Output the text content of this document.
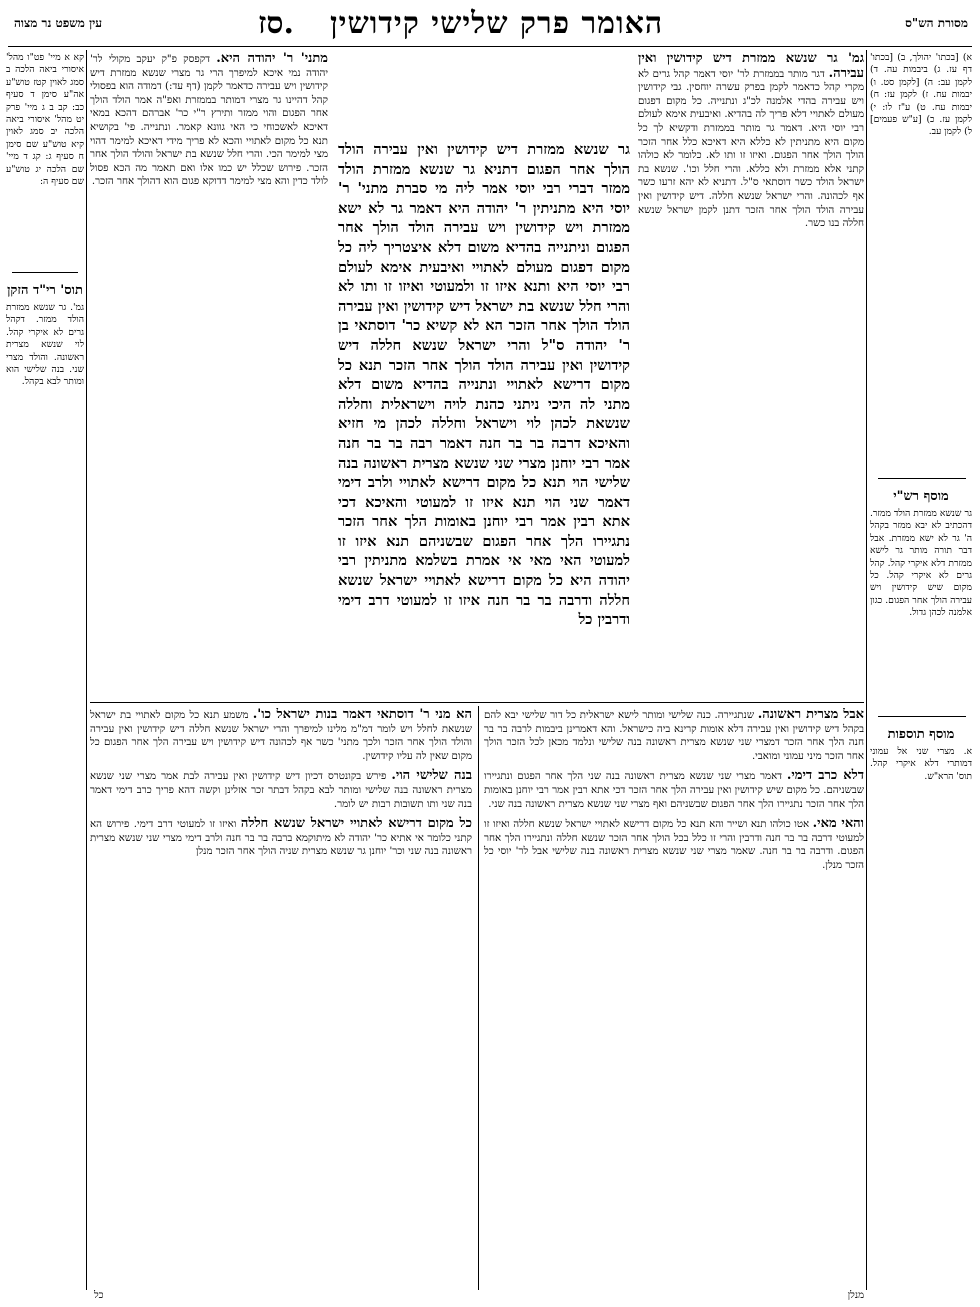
עין משפט נר מצוה	סז. האומר פרק שלישי קידושין	מסורת הש"ס

א) [בכתו' יהולך, ב) [בכתו' דף עז. ג) ביבמות עה. ד) לקמן עב: ה) [לקמן סט. ו) יבמות עח. ז) לקמן עז: ח) יבמות עח. ט) ע"ז לו: י) לקמן עז. כ) [ע"ש פעמים] ל) לקמן עב.

מוסף רש"י

גר שנשא ממזרת הולד ממזר. דהכתיב לא יבא ממזר בקהל ה' גר לא ישא ממזרת. אבל דבר תורה מותר גר לישא ממזרת דלא איקרי קהל. קהל גרים לא איקרי קהל. כל מקום שיש קידושין ויש עבירה הולך אחר הפגום. כגון אלמנה לכהן גדול.

מוסף תוספות

א. מצרי שני אל עמוני דמותרי דלא איקרי קהל. תוס' הרא"ש.

קא א מיי' פט"ו מהל' איסורי ביאה הלכה ב סמג לאוין קטז טוש"ע אה"ע סימן ד סעיף כב: קב ב ג מיי' פרק יט מהל' איסורי ביאה הלכה יב סמג לאוין קיא טוש"ע שם סימן ח סעיף ג: קג ד מיי' שם הלכה יג טוש"ע שם סעיף ה:

תוס' רי"ד הזקן

גמ'. גר שנשא ממזרת הולד ממזר. דקהל גרים לא איקרי קהל. לוי שנשא מצרית ראשונה. והולד מצרי שני. בנה שלישי הוא ומותר לבא בקהל.

גמ' גר שנשא ממזרת דיש קידושין ואין עבירה. דגר מותר בממזרת לר' יוסי דאמר קהל גרים לא מקרי קהל כדאמר לקמן בפרק עשרה יוחסין. גבי קידושין ויש עבירה בהדי אלמנה לכ"ג ונתנייה. כל מקום דפגום מעולם לאתויי דלא פריך לה בהדיא. ואיבעית אימא לעולם רבי יוסי היא. דאמר גר מותר בממזרת ודקשיא לך כל מקום היא מתניתין לא כללא היא דאיכא כלל אחר הזכר הולך הולך אחר הפגום. ואיזו זו ותו לא. כלומר לא כולהו קתני אלא ממזרת ולא כללא. והרי חלל וכו'. שנשא בת ישראל הולד כשר דוסתאי ס"ל. דתניא לא יהא זרעו כשר אף לכהונה. והרי ישראל שנשא חללה. דיש קידושין ואין עבירה הולד הולך אחר הזכר דתנן לקמן ישראל שנשא חללה בנו כשר.

מתני' ר' יהודה היא. דקפסק פ"ק יעקב מקולי לר' יהודה נמי איכא למיפרך הרי גר מצרי שנשא ממזרת דיש קידושין ויש עבירה כדאמר לקמן (דף עד:) דמודה הוא בפסולי קהל דהיינו גר מצרי דמותר בממזרת ואפ"ה אמר הולד הולך אחר הפגום והוי ממזר ותירץ ר"י כר' אברהם דהכא במאי דאיכא לאשכוחי כי האי גוונא קאמר. ונתנייה. פי' בקושיא תנא כל מקום לאתויי והכא לא פריך מידי דאיכא למימר דהוי מצי למימר הכי. והרי חלל שנשא בת ישראל והולד הולך אחר הזכר. פירוש שכלל יש כמו אלו ואם תאמר מה הכא פסול לולד כדין והא מצי למימר דדוקא פגום הוא דהולך אחר הזכר.

גר שנשא ממזרת דיש קידושין ואין עבירה הולד הולך אחר הפגום דתניא גר שנשא ממזרת הולד ממזר דברי רבי יוסי אמר ליה מי סברת מתני' ר' יוסי היא מתניתין ר' יהודה היא דאמר גר לא ישא ממזרת ויש קידושין ויש עבירה הולד הולך אחר הפגום וניתנייה בהדיא משום דלא איצטריך ליה כל מקום דפגום מעולם לאתויי ואיבעית אימא לעולם רבי יוסי היא ותנא איזו זו ולמעוטי ואיזו זו ותו לא והרי חלל שנשא בת ישראל דיש קידושין ואין עבירה הולד הולך אחר הזכר הא לא קשיא כר' דוסתאי בן ר' יהודה ס"ל והרי ישראל שנשא חללה דיש קידושין ואין עבירה הולד הולך אחר הזכר תנא כל מקום דרישא לאתויי ונתנייה בהדיא משום דלא מתני לה היכי ניתני כהנת לויה וישראלית וחללה שנשאת לכהן לוי וישראל וחללה לכהן מי חזיא והאיכא דרבה בר בר חנה דאמר רבה בר בר חנה אמר רבי יוחנן מצרי שני שנשא מצרית ראשונה בנה שלישי הוי תנא כל מקום דרישא לאתויי ולרב דימי דאמר שני הוי תנא איזו זו למעוטי והאיכא דכי אתא רבין אמר רבי יוחנן באומות הלך אחר הזכר נתגיירו הלך אחר הפגום שבשניהם תנא איזו זו למעוטי האי מאי אי אמרת בשלמא מתניתין רבי יהודה היא כל מקום דרישא לאתויי ישראל שנשא חללה ודרבה בר בר חנה איזו זו למעוטי דרב דימי ודרבין כל

הא מני ר' דוסתאי דאמר בנות ישראל כו'. משמע תנא כל מקום לאתויי בת ישראל שנשאת לחלל ויש לומר דמ"מ מלינו למיפרך והרי ישראל שנשא חללה דיש קידושין ואין עבירה והולד הולך אחר הזכר ולכך מתני' כשר אף לכהונה דיש קידושין ויש עבירה הלך אחר הפגום כל מקום שאין לה עליו קידושין.

בנה שלישי הוי. פירש בקונטרס דכיון דיש קידושין ואין עבירה לבת אמר מצרי שני שנשא מצרית ראשונה בנה שלישי ומותר לבא בקהל דבתר זכר אזלינן וקשה דהא פריך כרב דימי דאמר בנה שני ותו תשובות רבות יש לומר.

כל מקום דרישא לאתויי ישראל שנשא חללה ואיזו זו למעוטי דרב דימי. פירוש הא קתני כלומר אי אתיא כר' יהודה לא מיתוקמא ברבה בר בר חנה ולרב דימי מצרי שני שנשא מצרית ראשונה בנה שני וכר' יוחנן גר שנשא מצרית שניה הולך אחר הזכר מנלן

אבל מצרית ראשונה. שנתגיירה. כנה שלישי ומותר לישא ישראלית כל דור שלישי יבא להם בקהל דיש קידושין ואין עבירה דלא אומות קרינא ביה כישראל. והא דאמרינן ביבמות לרבה בר בר חנה הלך אחר הזכר דמצרי שני שנשא מצרית ראשונה בנה שלישי ונלמד מכאן לכל הזכר הולך אחר הזכר מיני עמוני ומואבי.

דלא כרב דימי. דאמר מצרי שני שנשא מצרית ראשונה בנה שני הלך אחר הפגום ונתגיירו שבשניהם. כל מקום שיש קידושין ואין עבירה הלך אחר הזכר דכי אתא רבין אמר רבי יוחנן באומות הלך אחר הזכר נתגיירו הלך אחר הפגום שבשניהם ואף מצרי שני שנשא מצרית ראשונה בנה שני.

והאי מאי. אטו כולהו תנא ושייר והא תנא כל מקום דרישא לאתויי ישראל שנשא חללה ואיזו זו למעוטי דרבה בר בר חנה ודרבין והרי זו כלל בכל הולך אחר הזכר שנשא חללה ונתגיירו הלך אחר הפגום. ודרבה בר בר חנה. שאמר מצרי שני שנשא מצרית ראשונה בנה שלישי אבל לר' יוסי כל הזכר מנלן.

כל	מנלן
